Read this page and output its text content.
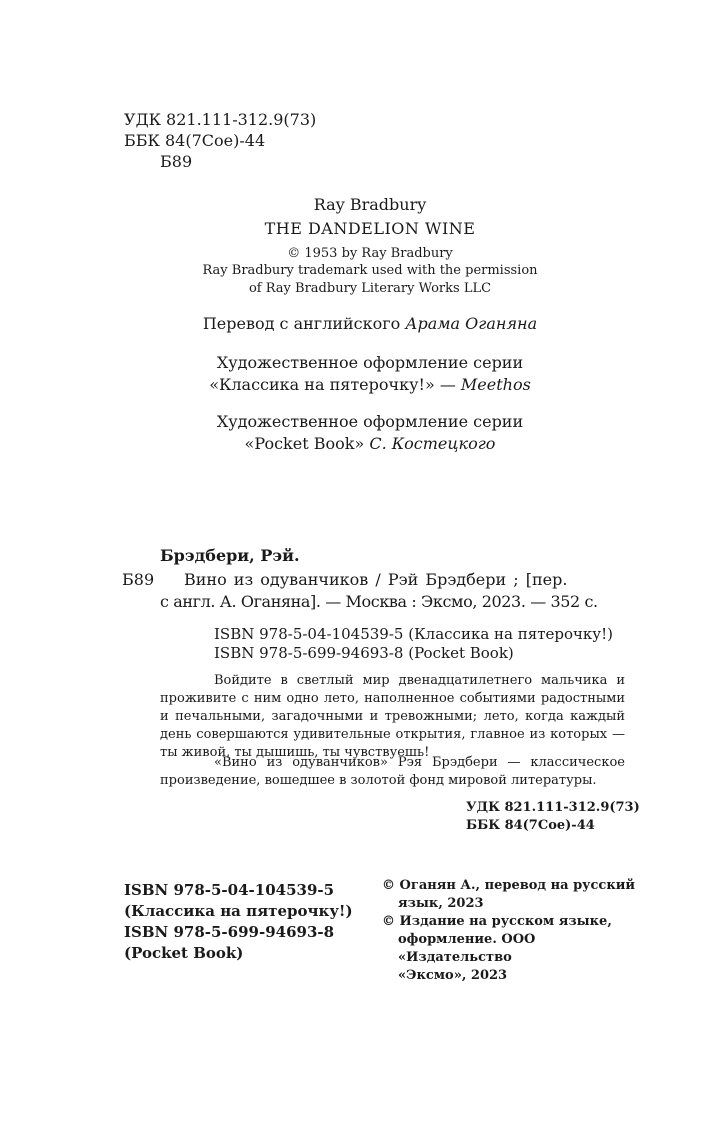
УДК 821.111-312.9(73)
ББК 84(7Сое)-44
Б89
Ray Bradbury
THE DANDELION WINE
© 1953 by Ray Bradbury
Ray Bradbury trademark used with the permission
of Ray Bradbury Literary Works LLC
Перевод с английского Арама Оганяна
Художественное оформление серии
«Классика на пятерочку!» — Meethos
Художественное оформление серии
«Pocket Book» С. Костецкого
Брэдбери, Рэй.
Б89 Вино из одуванчиков / Рэй Брэдбери ; [пер.
с англ. А. Оганяна]. — Москва : Эксмо, 2023. — 352 с.
ISBN 978-5-04-104539-5 (Классика на пятерочку!)
ISBN 978-5-699-94693-8 (Pocket Book)
Войдите в светлый мир двенадцатилетнего мальчика и проживите с ним одно лето, наполненное событиями радостными и печальными, загадочными и тревожными; лето, когда каждый день совершаются удивительные открытия, главное из которых — ты живой, ты дышишь, ты чувствуешь!
«Вино из одуванчиков» Рэя Брэдбери — классическое произведение, вошедшее в золотой фонд мировой литературы.
УДК 821.111-312.9(73)
ББК 84(7Сое)-44
ISBN 978-5-04-104539-5
(Классика на пятерочку!)
ISBN 978-5-699-94693-8
(Pocket Book)
© Оганян А., перевод на русский
язык, 2023
© Издание на русском языке,
оформление. ООО «Издательство
«Эксмо», 2023
